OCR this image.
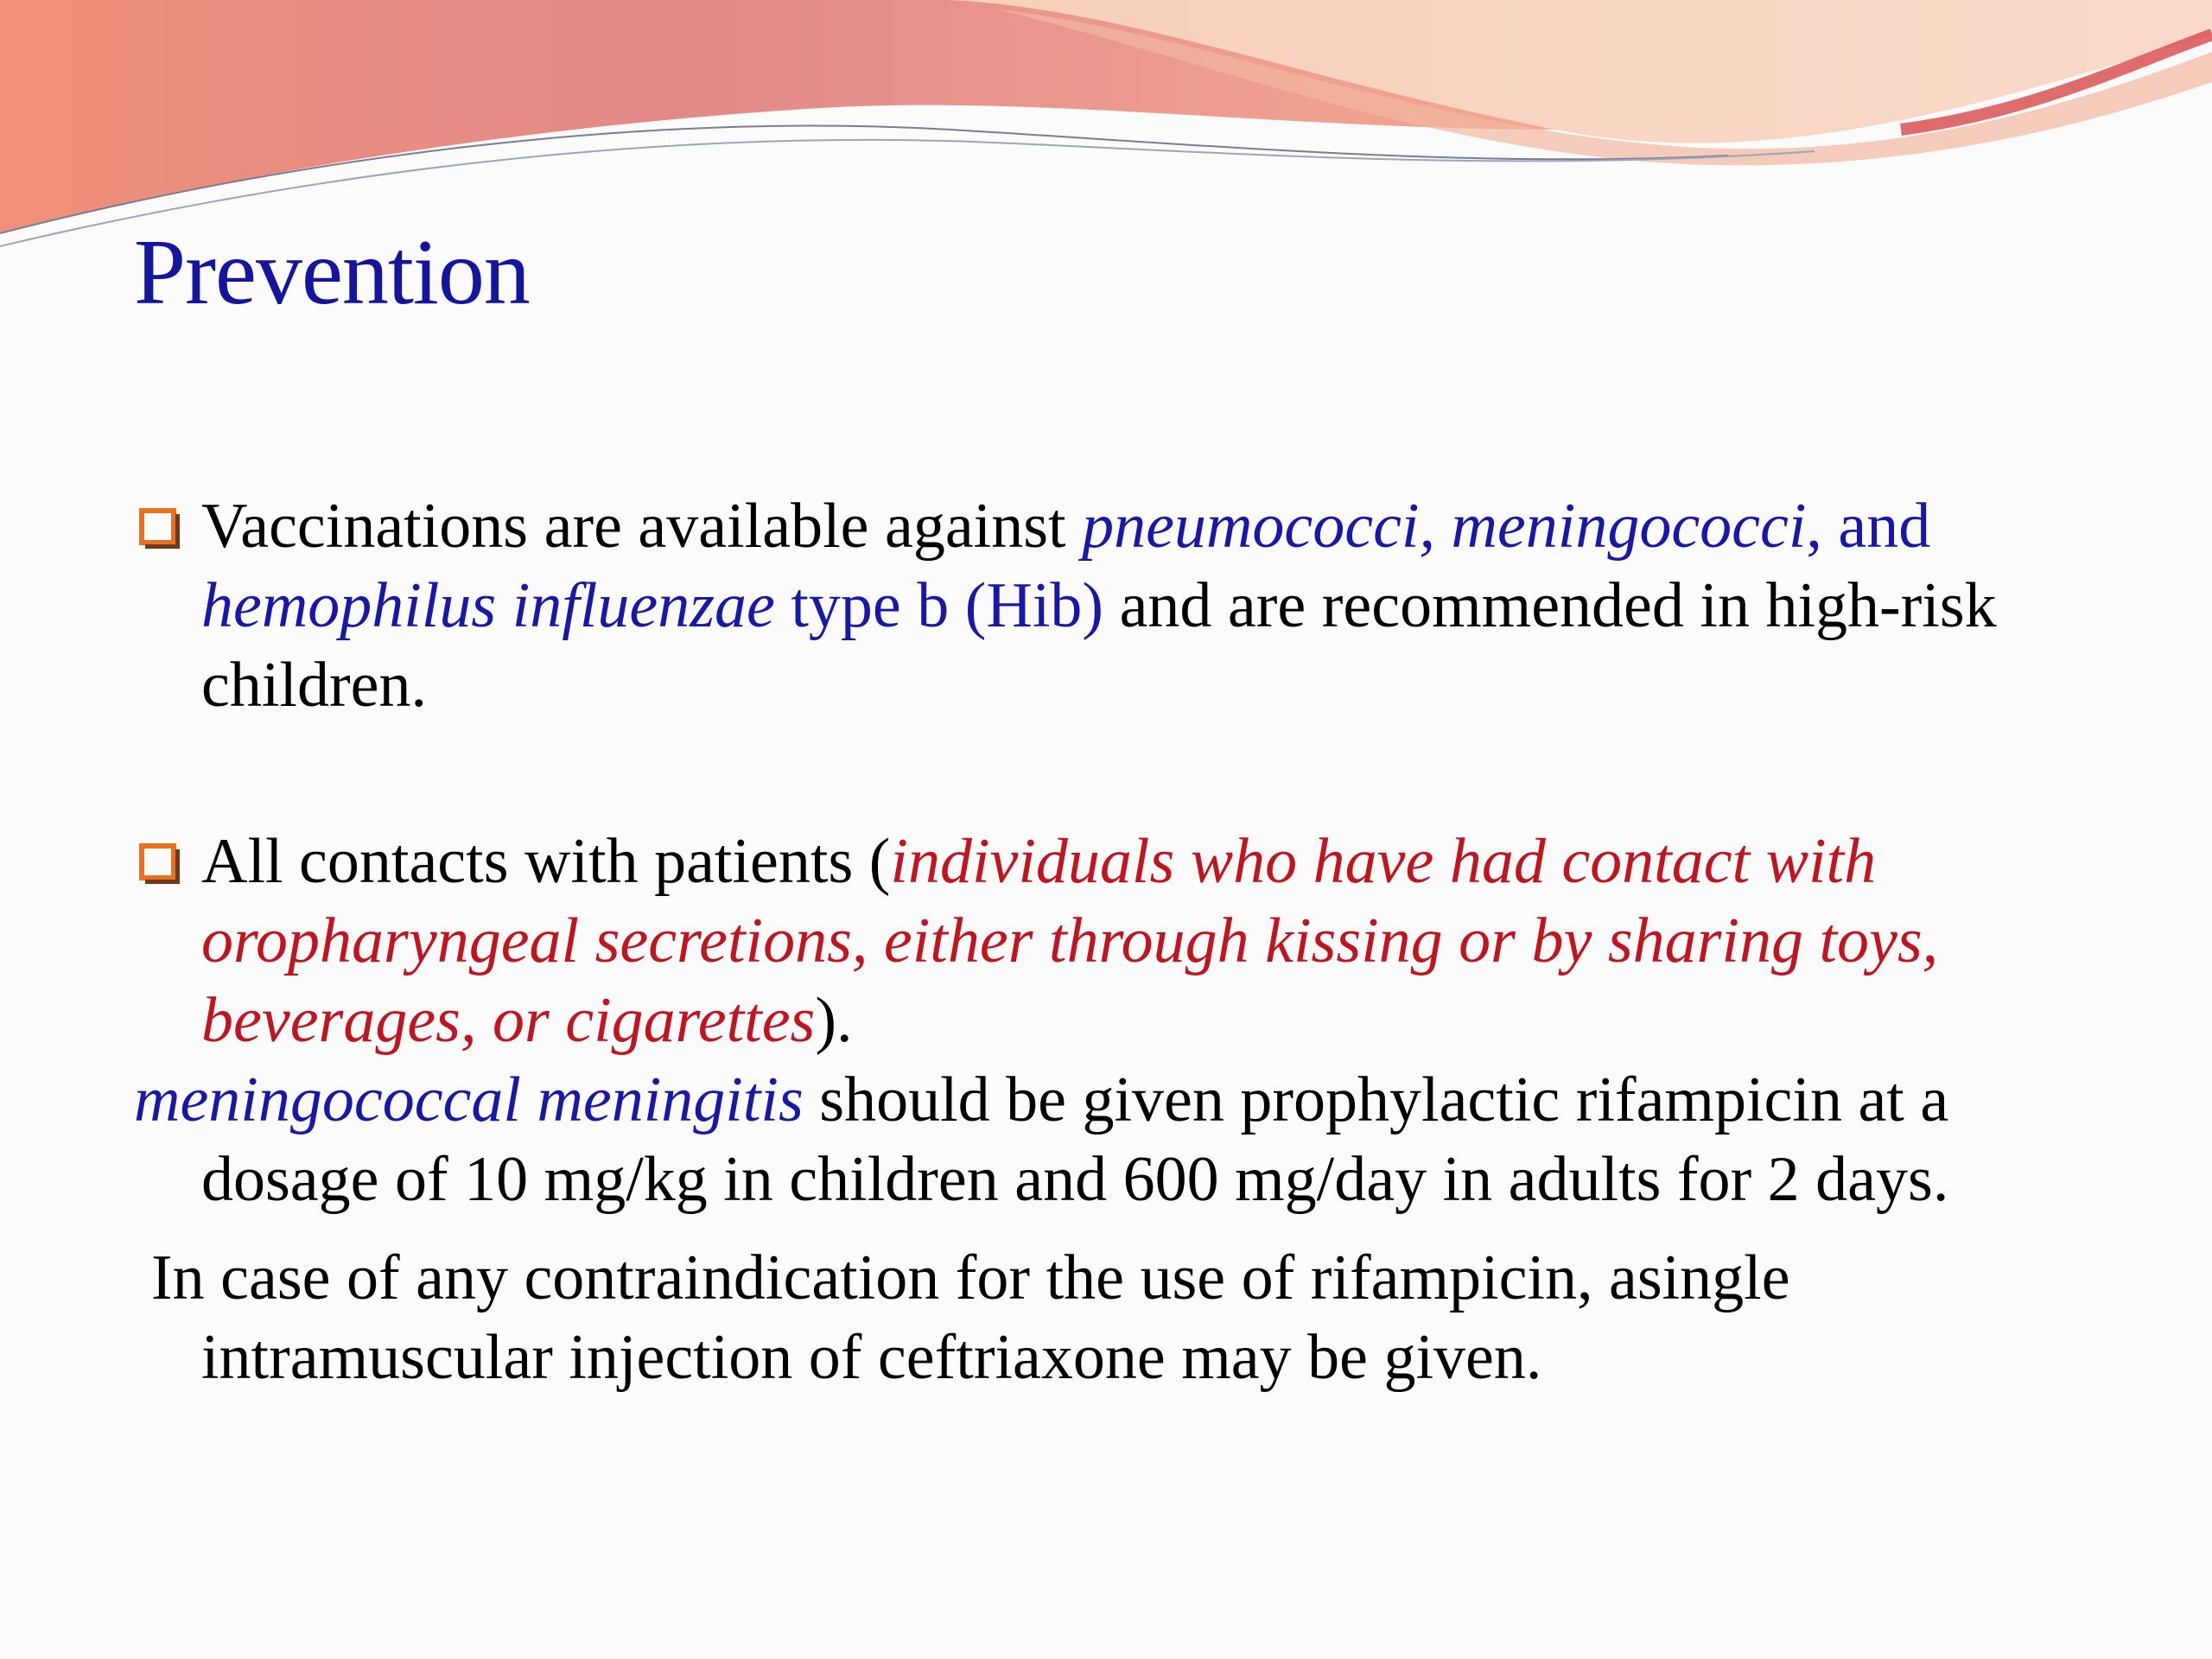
Prevention

Vaccinations are available against pneumococci, meningococci, and hemophilus influenzae type b (Hib) and are recommended in high-risk children.

All contacts with patients (individuals who have had contact with oropharyngeal secretions, either through kissing or by sharing toys, beverages, or cigarettes).

meningococcal meningitis should be given prophylactic rifampicin at a dosage of 10 mg/kg in children and 600 mg/day in adults for 2 days.

In case of any contraindication for the use of rifampicin, asingle intramuscular injection of ceftriaxone may be given.
